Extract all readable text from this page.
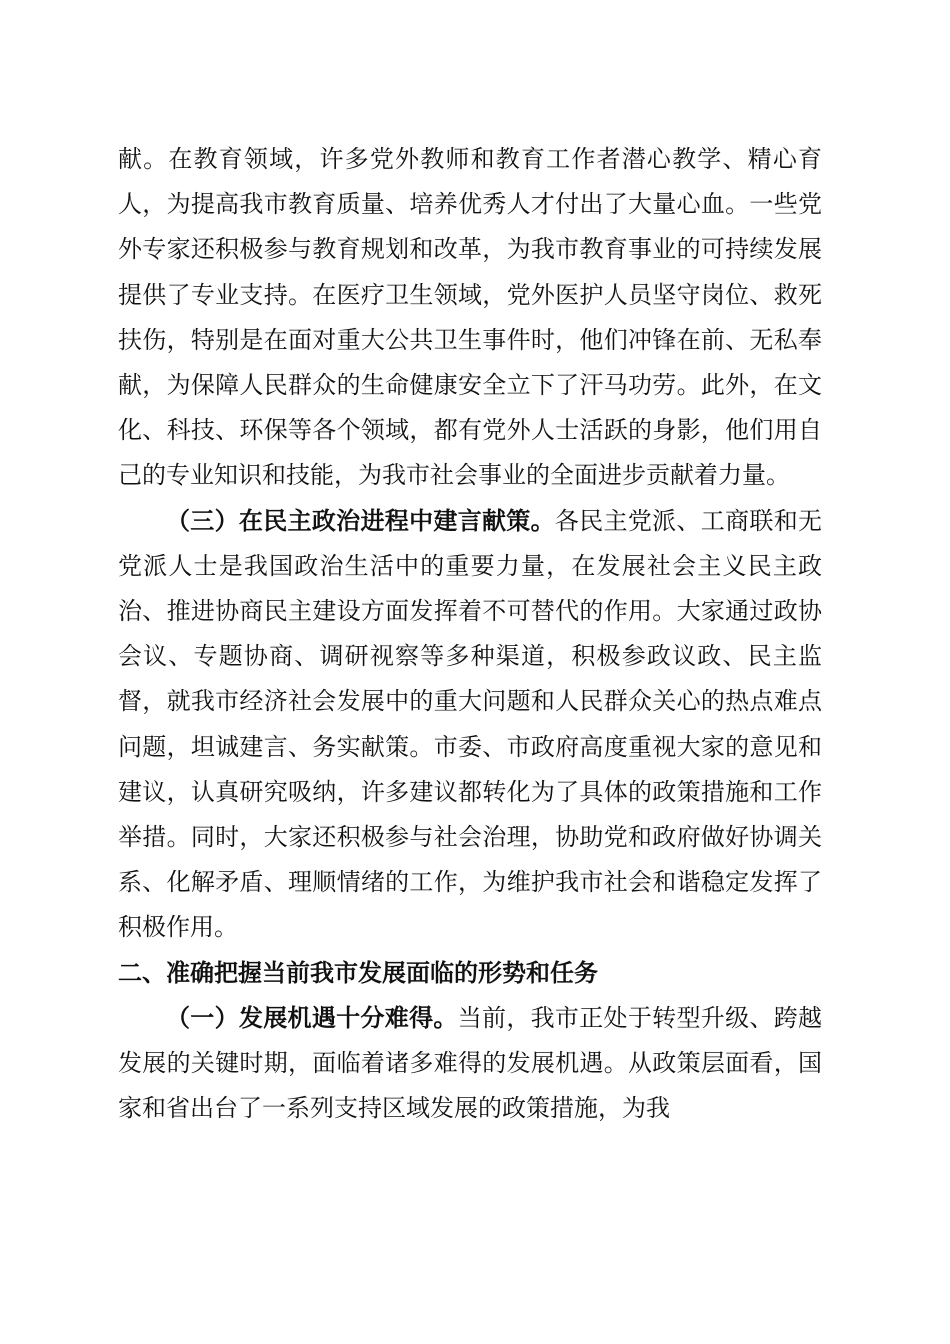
献。在教育领域，许多党外教师和教育工作者潜心教学、精心育人，为提高我市教育质量、培养优秀人才付出了大量心血。一些党外专家还积极参与教育规划和改革，为我市教育事业的可持续发展提供了专业支持。在医疗卫生领域，党外医护人员坚守岗位、救死扶伤，特别是在面对重大公共卫生事件时，他们冲锋在前、无私奉献，为保障人民群众的生命健康安全立下了汗马功劳。此外，在文化、科技、环保等各个领域，都有党外人士活跃的身影，他们用自己的专业知识和技能，为我市社会事业的全面进步贡献着力量。

（三）在民主政治进程中建言献策。各民主党派、工商联和无党派人士是我国政治生活中的重要力量，在发展社会主义民主政治、推进协商民主建设方面发挥着不可替代的作用。大家通过政协会议、专题协商、调研视察等多种渠道，积极参政议政、民主监督，就我市经济社会发展中的重大问题和人民群众关心的热点难点问题，坦诚建言、务实献策。市委、市政府高度重视大家的意见和建议，认真研究吸纳，许多建议都转化为了具体的政策措施和工作举措。同时，大家还积极参与社会治理，协助党和政府做好协调关系、化解矛盾、理顺情绪的工作，为维护我市社会和谐稳定发挥了积极作用。

二、准确把握当前我市发展面临的形势和任务

（一）发展机遇十分难得。当前，我市正处于转型升级、跨越发展的关键时期，面临着诸多难得的发展机遇。从政策层面看，国家和省出台了一系列支持区域发展的政策措施，为我
